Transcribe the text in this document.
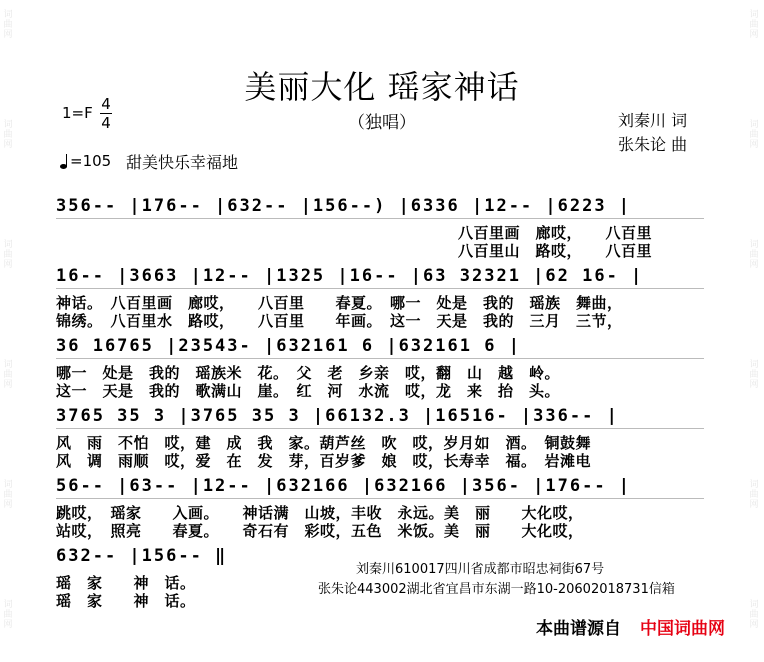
词曲网
词曲网
词曲网
词曲网
词曲网
词曲网
词曲网
词曲网
词曲网
词曲网
词曲网
词曲网
美丽大化 瑶家神话
（独唱）
1=F 4
4	刘秦川 词
张朱论 曲
=105 甜美快乐幸福地
356-- |176-- |632-- |156--) |6336 |12-- |6223 |
八百里画　廊哎，　　八百里
八百里山　路哎，　　八百里
16-- |3663 |12-- |1325 |16-- |63 32321 |62 16- |
神话。　八百里画　廊哎，　　八百里　　春夏。　哪一　处是　我的　瑶族　舞曲，
锦绣。　八百里水　路哎，　　八百里　　年画。　这一　天是　我的　三月　三节，
36 16765 |23543- |632161 6 |632161 6 |
哪一　处是　我的　瑶族米　花。　父　老　乡亲　哎，翻　山　越　岭。
这一　天是　我的　歌满山　崖。　红　河　水流　哎，龙　来　抬　头。
3765 35 3 |3765 35 3 |66132.3 |16516- |336-- |
风　雨　不怕　哎，建　成　我　家。葫芦丝　吹　哎，岁月如　酒。　铜鼓舞
风　调　雨顺　哎，爱　在　发　芽，百岁爹　娘　哎，长寿幸　福。　岩滩电
56-- |63-- |12-- |632166 |632166 |356- |176-- |
跳哎，　瑶家　　入画。　　神话满　山坡，丰收　永远。美　丽　　大化哎，
站哎，　照亮　　春夏。　　奇石有　彩哎，五色　米饭。美　丽　　大化哎，
632-- |156-- ‖
瑶　家　　神　话。
瑶　家　　神　话。
刘秦川610017四川省成都市昭忠祠街67号
张朱论443002湖北省宜昌市东湖一路10-20602018731信箱
本曲谱源自 中国词曲网
